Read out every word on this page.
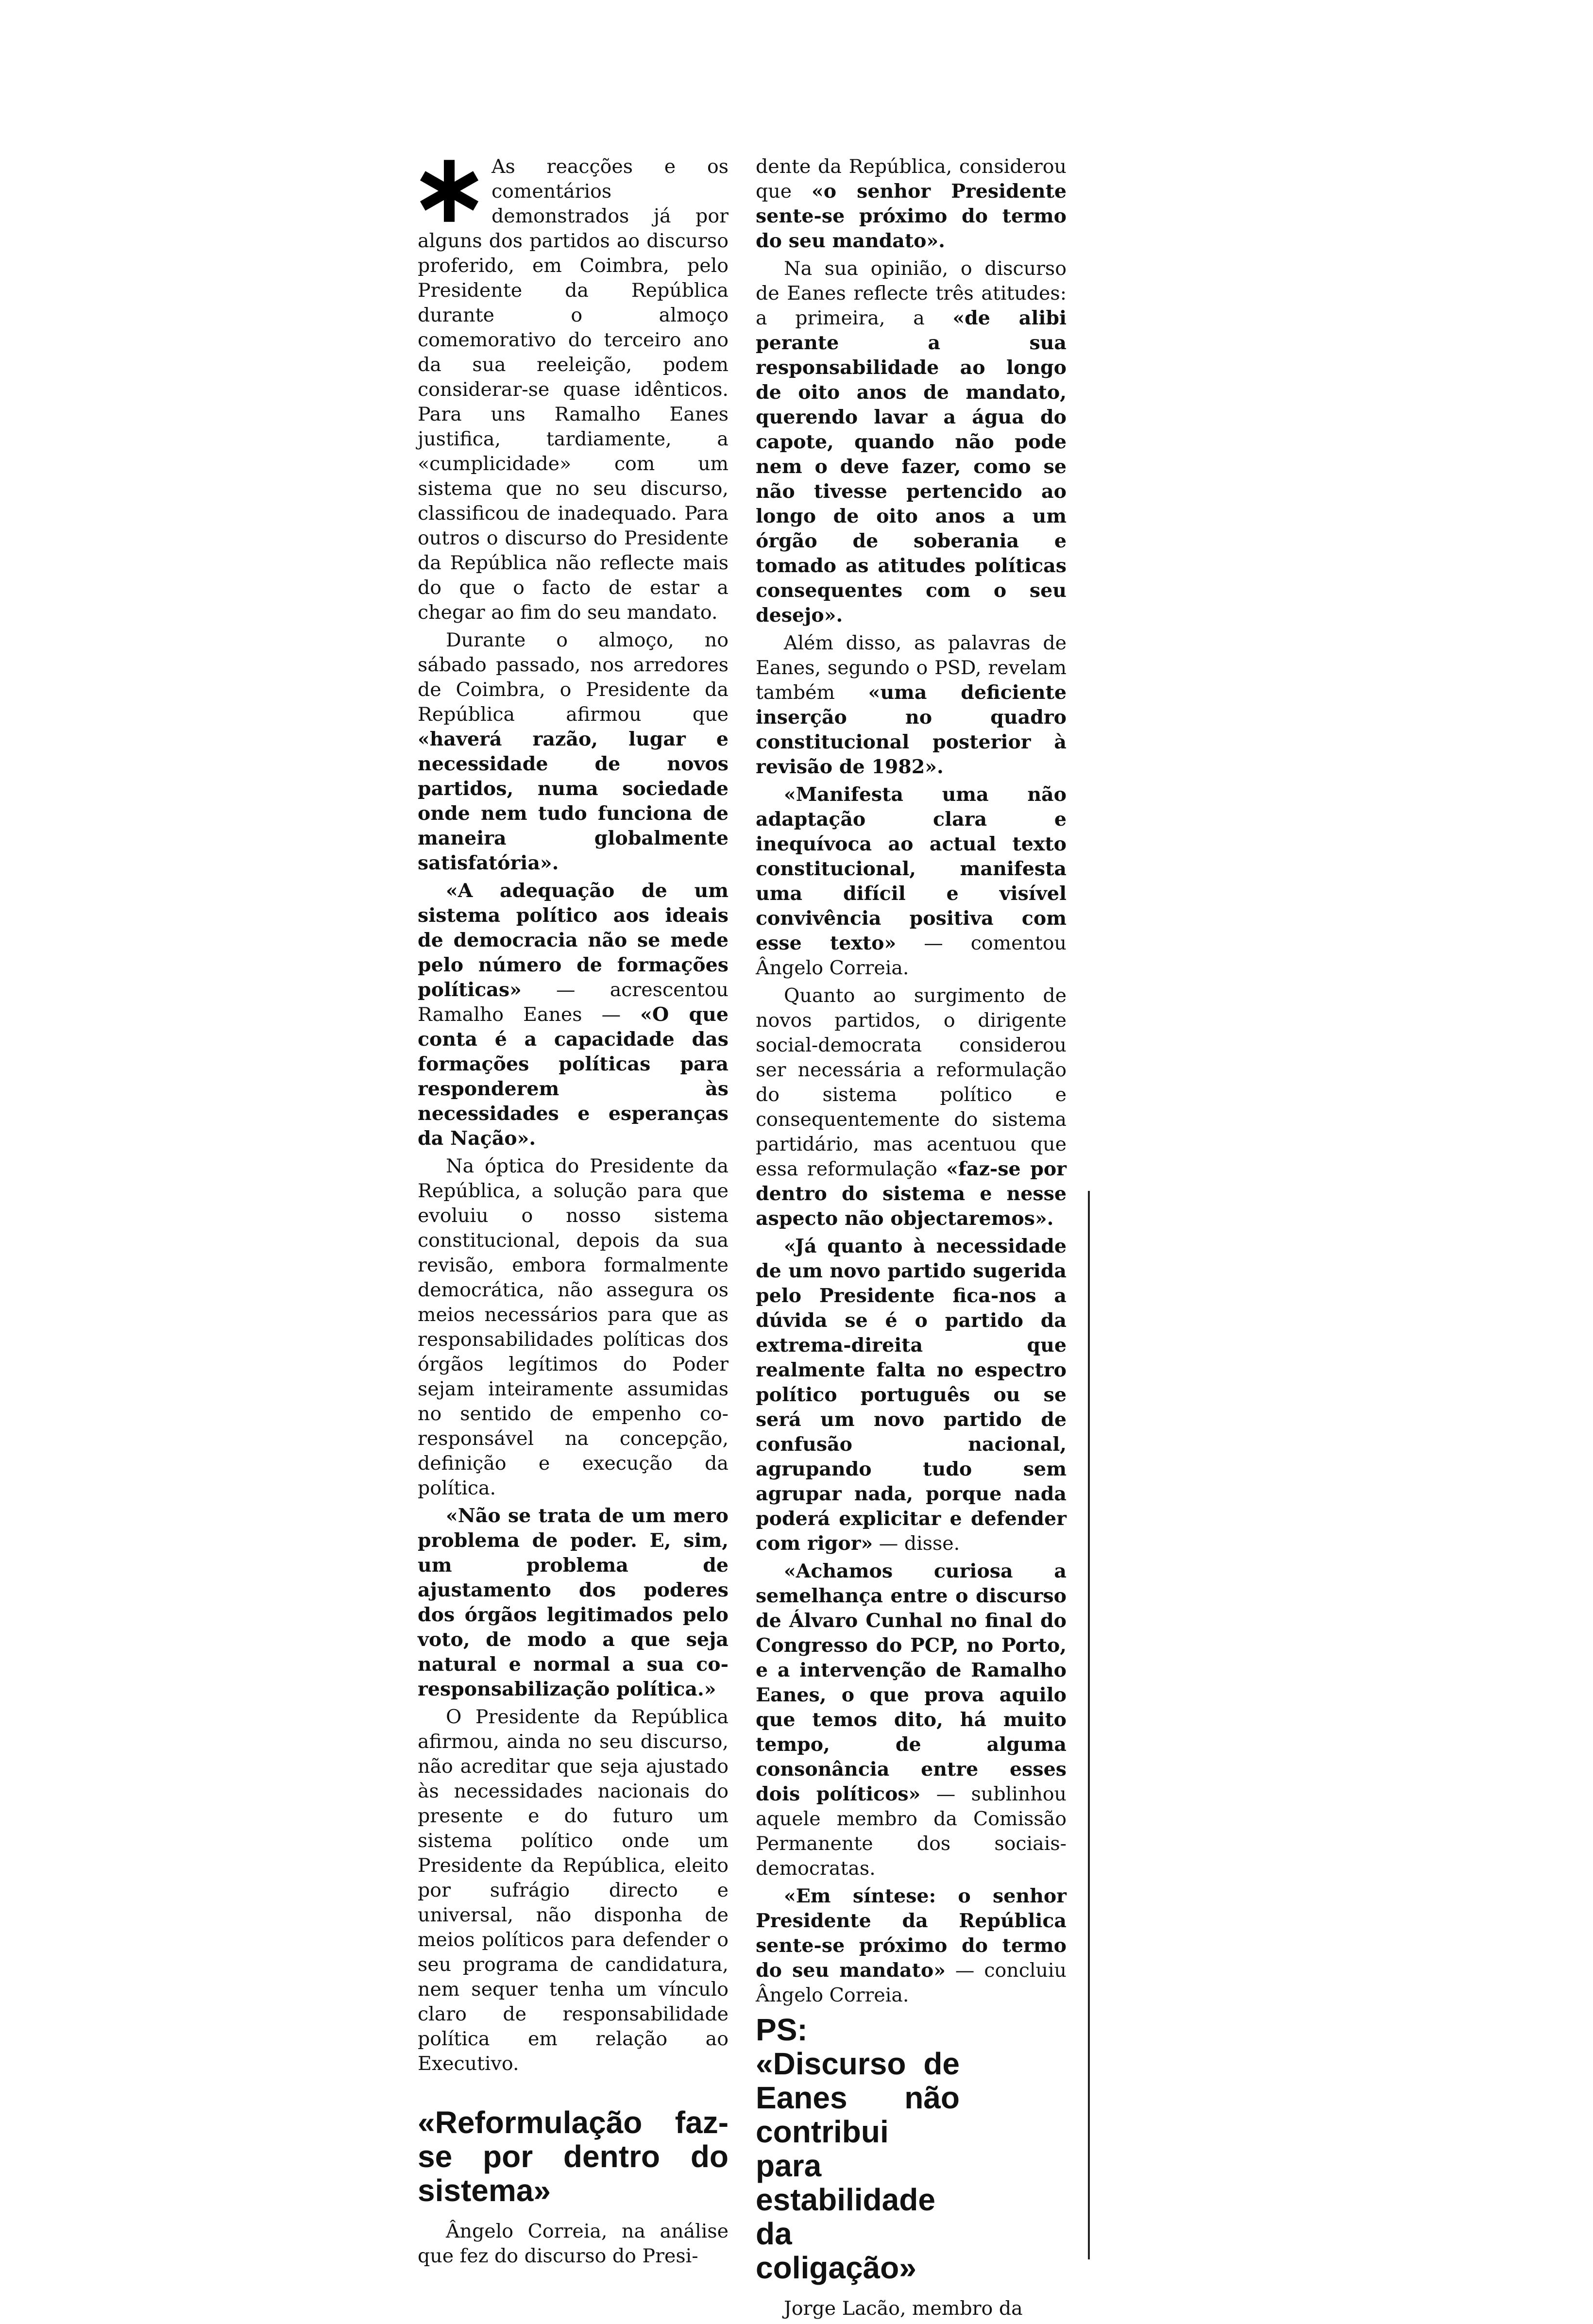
As reacções e os comentários demonstrados já por alguns dos partidos ao discurso proferido, em Coimbra, pelo Presidente da República durante o almoço comemorativo do terceiro ano da sua reeleição, podem considerar-se quase idênticos. Para uns Ramalho Eanes justifica, tardiamente, a «cumplicidade» com um sistema que no seu discurso, classificou de inadequado. Para outros o discurso do Presidente da República não reflecte mais do que o facto de estar a chegar ao fim do seu mandato.

Durante o almoço, no sábado passado, nos arredores de Coimbra, o Presidente da República afirmou que «haverá razão, lugar e necessidade de novos partidos, numa sociedade onde nem tudo funciona de maneira globalmente satisfatória».

«A adequação de um sistema político aos ideais de democracia não se mede pelo número de formações políticas» — acrescentou Ramalho Eanes — «O que conta é a capacidade das formações políticas para responderem às necessidades e esperanças da Nação».

Na óptica do Presidente da República, a solução para que evoluiu o nosso sistema constitucional, depois da sua revisão, embora formalmente democrática, não assegura os meios necessários para que as responsabilidades políticas dos órgãos legítimos do Poder sejam inteiramente assumidas no sentido de empenho co-responsável na concepção, definição e execução da política.

«Não se trata de um mero problema de poder. E, sim, um problema de ajustamento dos poderes dos órgãos legitimados pelo voto, de modo a que seja natural e normal a sua co-responsabilização política.»

O Presidente da República afirmou, ainda no seu discurso, não acreditar que seja ajustado às necessidades nacionais do presente e do futuro um sistema político onde um Presidente da República, eleito por sufrágio directo e universal, não disponha de meios políticos para defender o seu programa de candidatura, nem sequer tenha um vínculo claro de responsabilidade política em relação ao Executivo.

«Reformulação faz-se por dentro do sistema»

Ângelo Correia, na análise que fez do discurso do Presi-

dente da República, considerou que «o senhor Presidente sente-se próximo do termo do seu mandato».

Na sua opinião, o discurso de Eanes reflecte três atitudes: a primeira, a «de alibi perante a sua responsabilidade ao longo de oito anos de mandato, querendo lavar a água do capote, quando não pode nem o deve fazer, como se não tivesse pertencido ao longo de oito anos a um órgão de soberania e tomado as atitudes políticas consequentes com o seu desejo».

Além disso, as palavras de Eanes, segundo o PSD, revelam também «uma deficiente inserção no quadro constitucional posterior à revisão de 1982».

«Manifesta uma não adaptação clara e inequívoca ao actual texto constitucional, manifesta uma difícil e visível convivência positiva com esse texto» — comentou Ângelo Correia.

Quanto ao surgimento de novos partidos, o dirigente social-democrata considerou ser necessária a reformulação do sistema político e consequentemente do sistema partidário, mas acentuou que essa reformulação «faz-se por dentro do sistema e nesse aspecto não objectaremos».

«Já quanto à necessidade de um novo partido sugerida pelo Presidente fica-nos a dúvida se é o partido da extrema-direita que realmente falta no espectro político português ou se será um novo partido de confusão nacional, agrupando tudo sem agrupar nada, porque nada poderá explicitar e defender com rigor» — disse.

«Achamos curiosa a semelhança entre o discurso de Álvaro Cunhal no final do Congresso do PCP, no Porto, e a intervenção de Ramalho Eanes, o que prova aquilo que temos dito, há muito tempo, de alguma consonância entre esses dois políticos» — sublinhou aquele membro da Comissão Permanente dos sociais-democratas.

«Em síntese: o senhor Presidente da República sente-se próximo do termo do seu mandato» — concluiu Ângelo Correia.

PS: «Discurso de Eanes não contribui para estabilidade da coligação»

Jorge Lacão, membro da
